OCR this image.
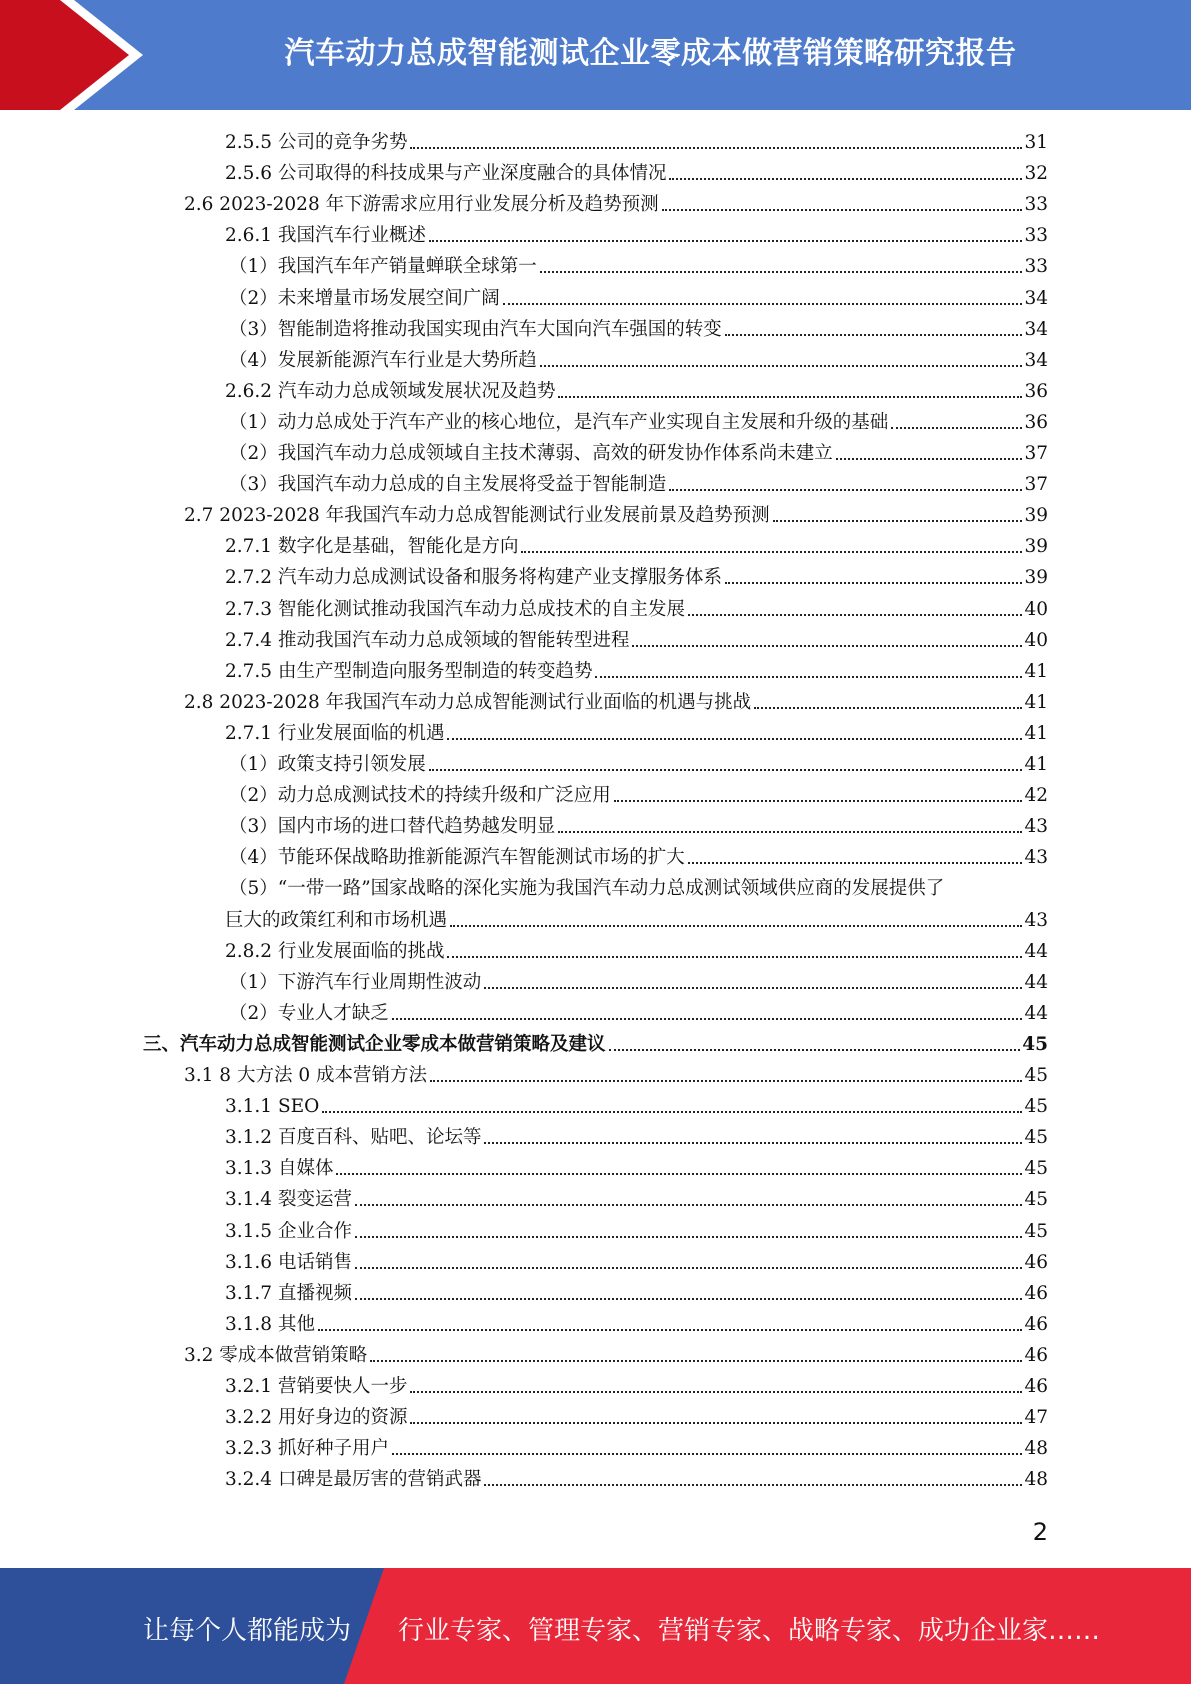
汽车动力总成智能测试企业零成本做营销策略研究报告
2.5.5 公司的竞争劣势	31
2.5.6 公司取得的科技成果与产业深度融合的具体情况	32
2.6 2023-2028 年下游需求应用行业发展分析及趋势预测	33
2.6.1 我国汽车行业概述	33
（1）我国汽车年产销量蝉联全球第一	33
（2）未来增量市场发展空间广阔	34
（3）智能制造将推动我国实现由汽车大国向汽车强国的转变	34
（4）发展新能源汽车行业是大势所趋	34
2.6.2 汽车动力总成领域发展状况及趋势	36
（1）动力总成处于汽车产业的核心地位，是汽车产业实现自主发展和升级的基础	36
（2）我国汽车动力总成领域自主技术薄弱、高效的研发协作体系尚未建立	37
（3）我国汽车动力总成的自主发展将受益于智能制造	37
2.7 2023-2028 年我国汽车动力总成智能测试行业发展前景及趋势预测	39
2.7.1 数字化是基础，智能化是方向	39
2.7.2 汽车动力总成测试设备和服务将构建产业支撑服务体系	39
2.7.3 智能化测试推动我国汽车动力总成技术的自主发展	40
2.7.4 推动我国汽车动力总成领域的智能转型进程	40
2.7.5 由生产型制造向服务型制造的转变趋势	41
2.8 2023-2028 年我国汽车动力总成智能测试行业面临的机遇与挑战	41
2.7.1 行业发展面临的机遇	41
（1）政策支持引领发展	41
（2）动力总成测试技术的持续升级和广泛应用	42
（3）国内市场的进口替代趋势越发明显	43
（4）节能环保战略助推新能源汽车智能测试市场的扩大	43
（5）“一带一路”国家战略的深化实施为我国汽车动力总成测试领域供应商的发展提供了
巨大的政策红利和市场机遇	43
2.8.2 行业发展面临的挑战	44
（1）下游汽车行业周期性波动	44
（2）专业人才缺乏	44
三、汽车动力总成智能测试企业零成本做营销策略及建议	45
3.1 8 大方法 0 成本营销方法	45
3.1.1 SEO	45
3.1.2 百度百科、贴吧、论坛等	45
3.1.3 自媒体	45
3.1.4 裂变运营	45
3.1.5 企业合作	45
3.1.6 电话销售	46
3.1.7 直播视频	46
3.1.8 其他	46
3.2 零成本做营销策略	46
3.2.1 营销要快人一步	46
3.2.2 用好身边的资源	47
3.2.3 抓好种子用户	48
3.2.4 口碑是最厉害的营销武器	48
2
让每个人都能成为 行业专家、管理专家、营销专家、战略专家、成功企业家……
